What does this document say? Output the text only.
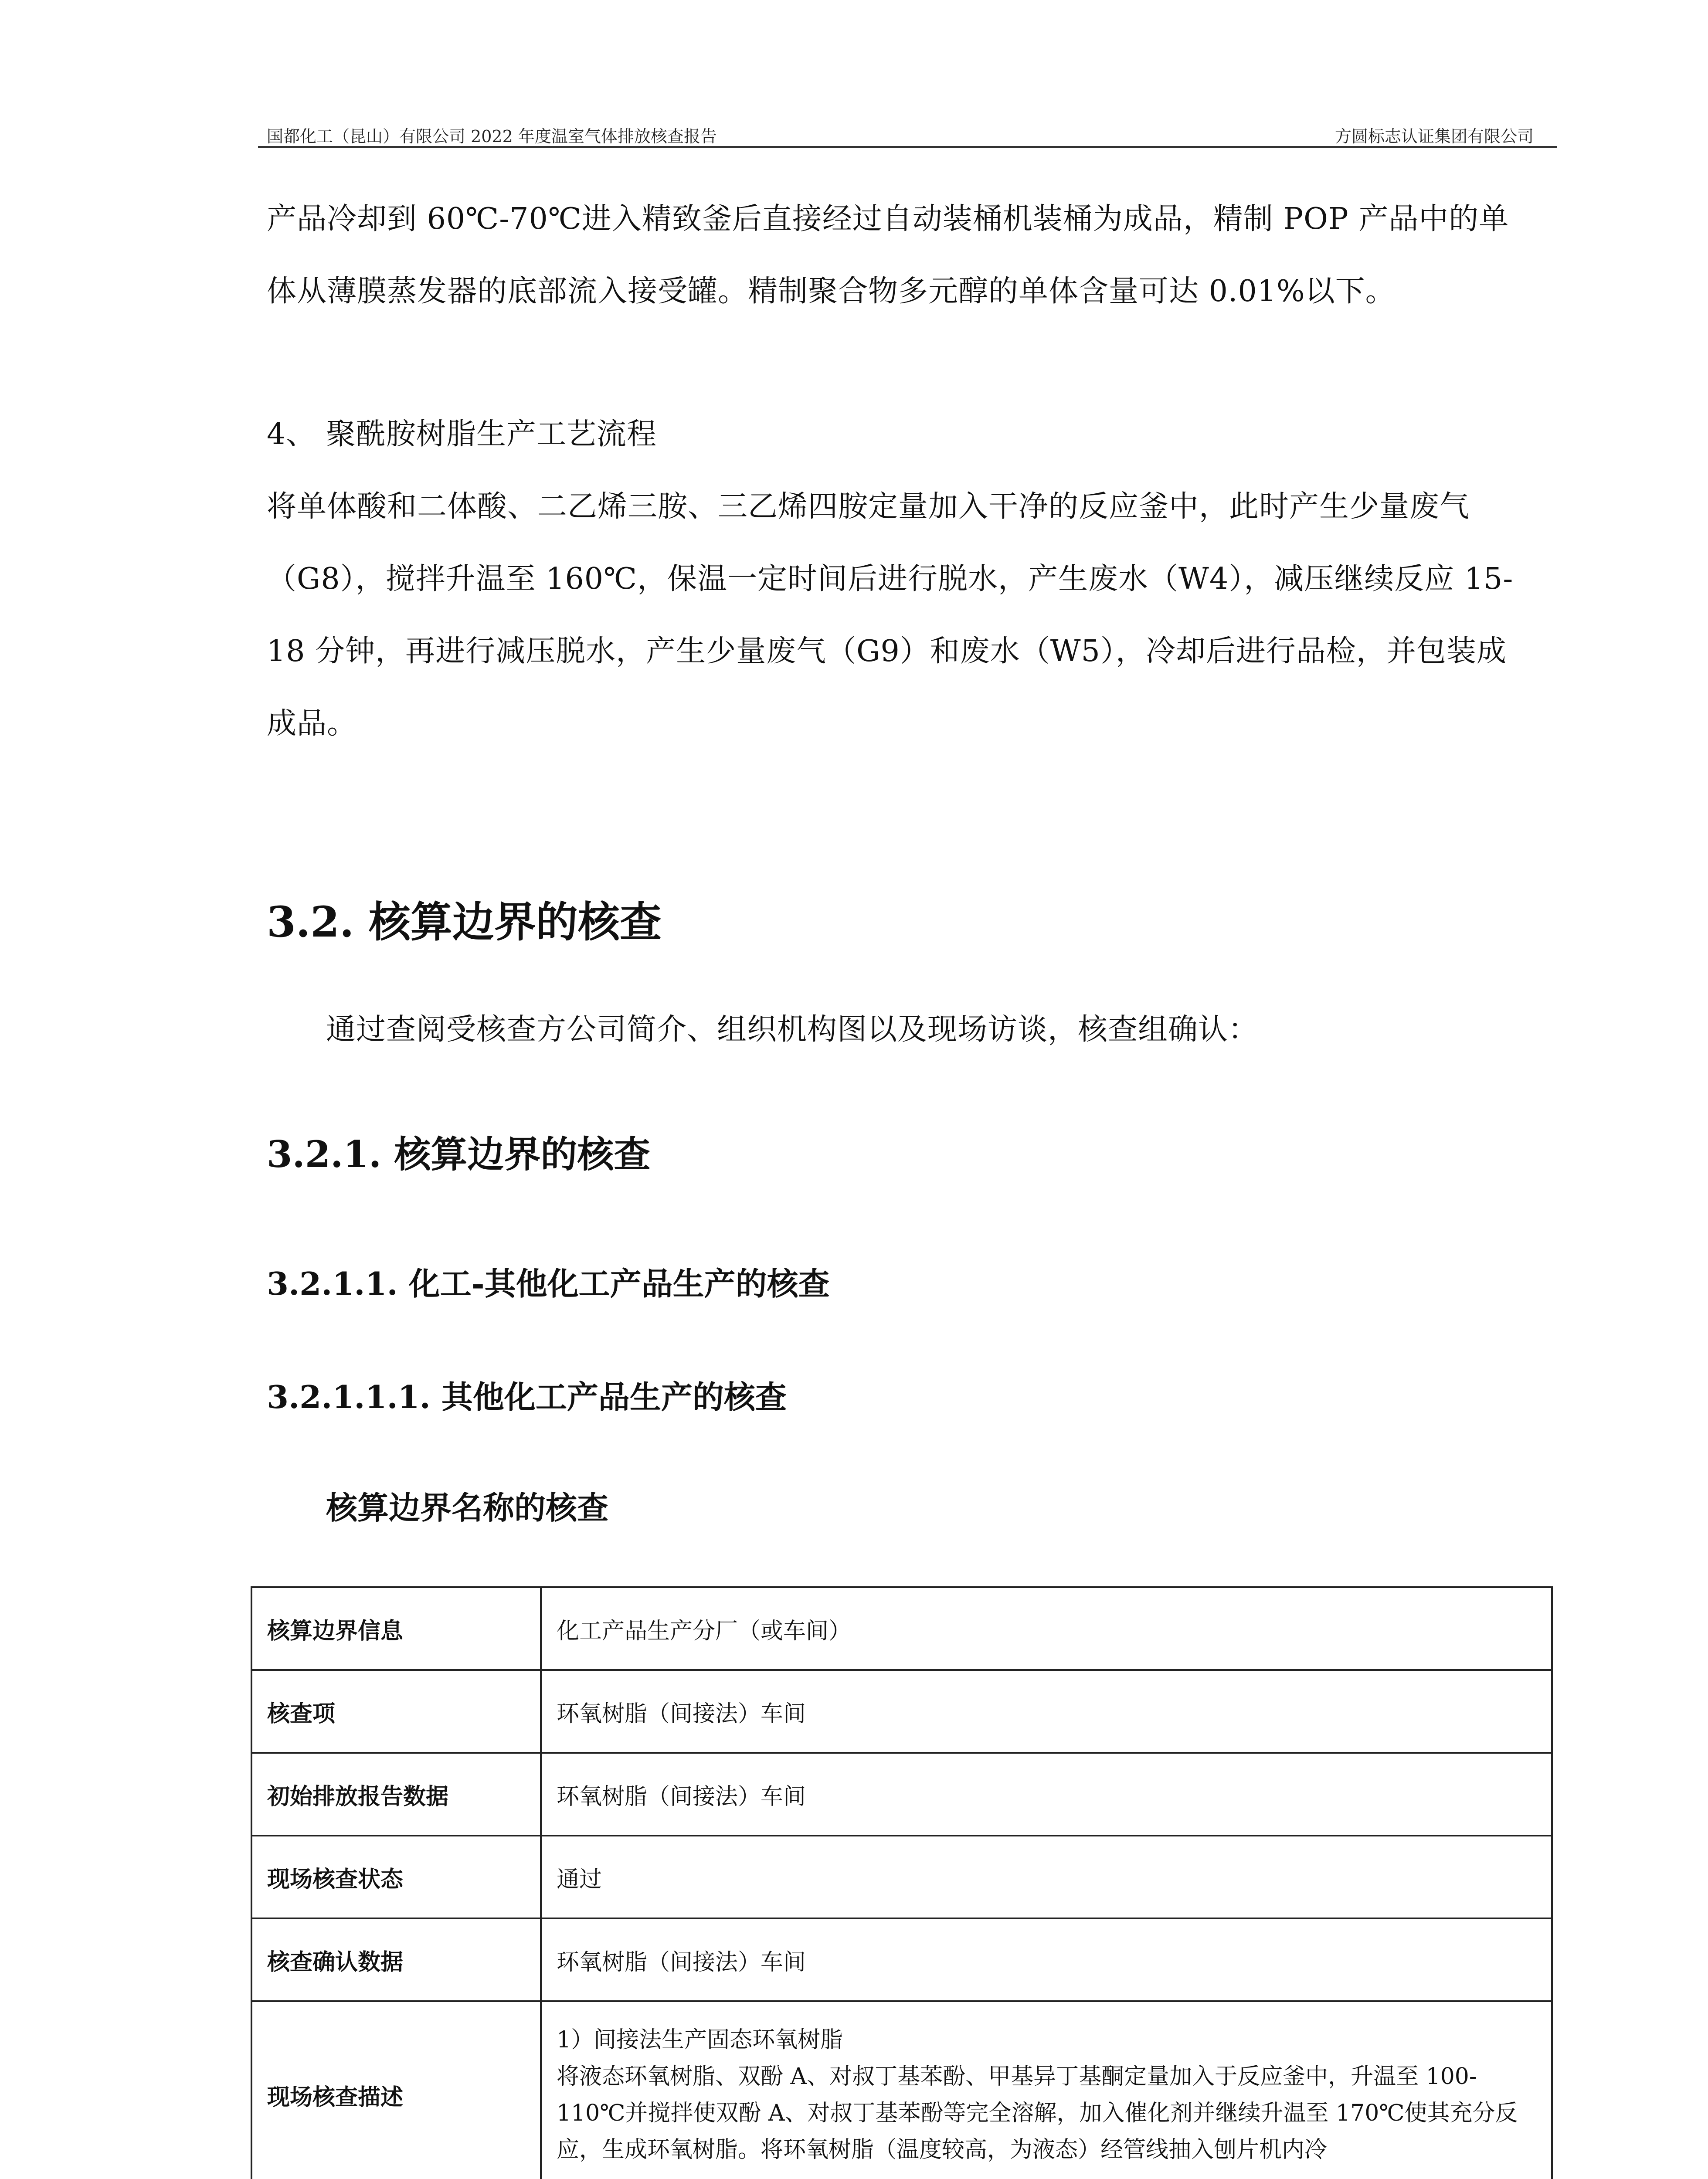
国都化工（昆山）有限公司 2022 年度温室气体排放核查报告	方圆标志认证集团有限公司

产品冷却到 60℃-70℃进入精致釜后直接经过自动装桶机装桶为成品，精制 POP 产品中的单体从薄膜蒸发器的底部流入接受罐。精制聚合物多元醇的单体含量可达 0.01%以下。

4、 聚酰胺树脂生产工艺流程

将单体酸和二体酸、二乙烯三胺、三乙烯四胺定量加入干净的反应釜中，此时产生少量废气（G8），搅拌升温至 160℃，保温一定时间后进行脱水，产生废水（W4），减压继续反应 15-18 分钟，再进行减压脱水，产生少量废气（G9）和废水（W5），冷却后进行品检，并包装成成品。

3.2. 核算边界的核查

通过查阅受核查方公司简介、组织机构图以及现场访谈，核查组确认：

3.2.1. 核算边界的核查
3.2.1.1. 化工-其他化工产品生产的核查
3.2.1.1.1. 其他化工产品生产的核查
核算边界名称的核查
核算边界信息	化工产品生产分厂（或车间）
核查项	环氧树脂（间接法）车间
初始排放报告数据	环氧树脂（间接法）车间
现场核查状态	通过
核查确认数据	环氧树脂（间接法）车间
现场核查描述	1）间接法生产固态环氧树脂
将液态环氧树脂、双酚 A、对叔丁基苯酚、甲基异丁基酮定量加入于反应釜中，升温至 100-110℃并搅拌使双酚 A、对叔丁基苯酚等完全溶解，加入催化剂并继续升温至 170℃使其充分反应，生成环氧树脂。将环氧树脂（温度较高，为液态）经管线抽入刨片机内冷
